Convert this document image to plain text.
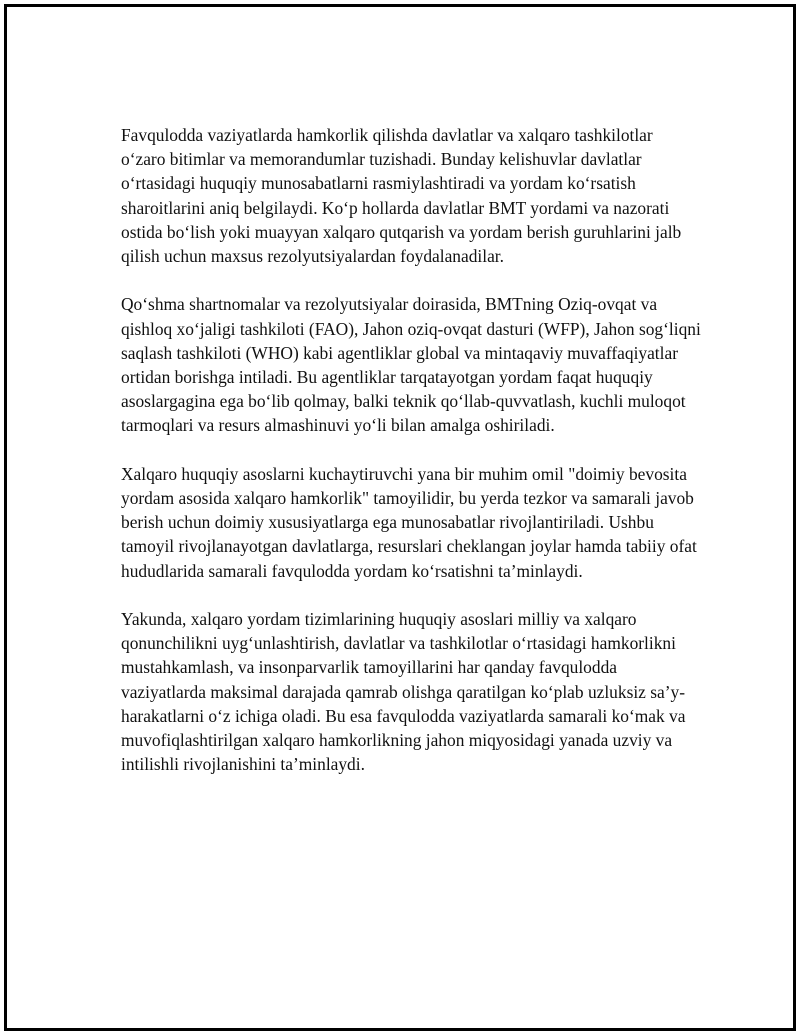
Favqulodda vaziyatlarda hamkorlik qilishda davlatlar va xalqaro tashkilotlar o‘zaro bitimlar va memorandumlar tuzishadi. Bunday kelishuvlar davlatlar o‘rtasidagi huquqiy munosabatlarni rasmiylashtiradi va yordam ko‘rsatish sharoitlarini aniq belgilaydi. Ko‘p hollarda davlatlar BMT yordami va nazorati ostida bo‘lish yoki muayyan xalqaro qutqarish va yordam berish guruhlarini jalb qilish uchun maxsus rezolyutsiyalardan foydalanadilar.

Qo‘shma shartnomalar va rezolyutsiyalar doirasida, BMTning Oziq-ovqat va qishloq xo‘jaligi tashkiloti (FAO), Jahon oziq-ovqat dasturi (WFP), Jahon sog‘liqni saqlash tashkiloti (WHO) kabi agentliklar global va mintaqaviy muvaffaqiyatlar ortidan borishga intiladi. Bu agentliklar tarqatayotgan yordam faqat huquqiy asoslargagina ega bo‘lib qolmay, balki teknik qo‘llab-quvvatlash, kuchli muloqot tarmoqlari va resurs almashinuvi yo‘li bilan amalga oshiriladi.

Xalqaro huquqiy asoslarni kuchaytiruvchi yana bir muhim omil "doimiy bevosita yordam asosida xalqaro hamkorlik" tamoyilidir, bu yerda tezkor va samarali javob berish uchun doimiy xususiyatlarga ega munosabatlar rivojlantiriladi. Ushbu tamoyil rivojlanayotgan davlatlarga, resurslari cheklangan joylar hamda tabiiy ofat hududlarida samarali favqulodda yordam ko‘rsatishni ta’minlaydi.

Yakunda, xalqaro yordam tizimlarining huquqiy asoslari milliy va xalqaro qonunchilikni uyg‘unlashtirish, davlatlar va tashkilotlar o‘rtasidagi hamkorlikni mustahkamlash, va insonparvarlik tamoyillarini har qanday favqulodda vaziyatlarda maksimal darajada qamrab olishga qaratilgan ko‘plab uzluksiz sa’y-harakatlarni o‘z ichiga oladi. Bu esa favqulodda vaziyatlarda samarali ko‘mak va muvofiqlashtirilgan xalqaro hamkorlikning jahon miqyosidagi yanada uzviy va intilishli rivojlanishini ta’minlaydi.
